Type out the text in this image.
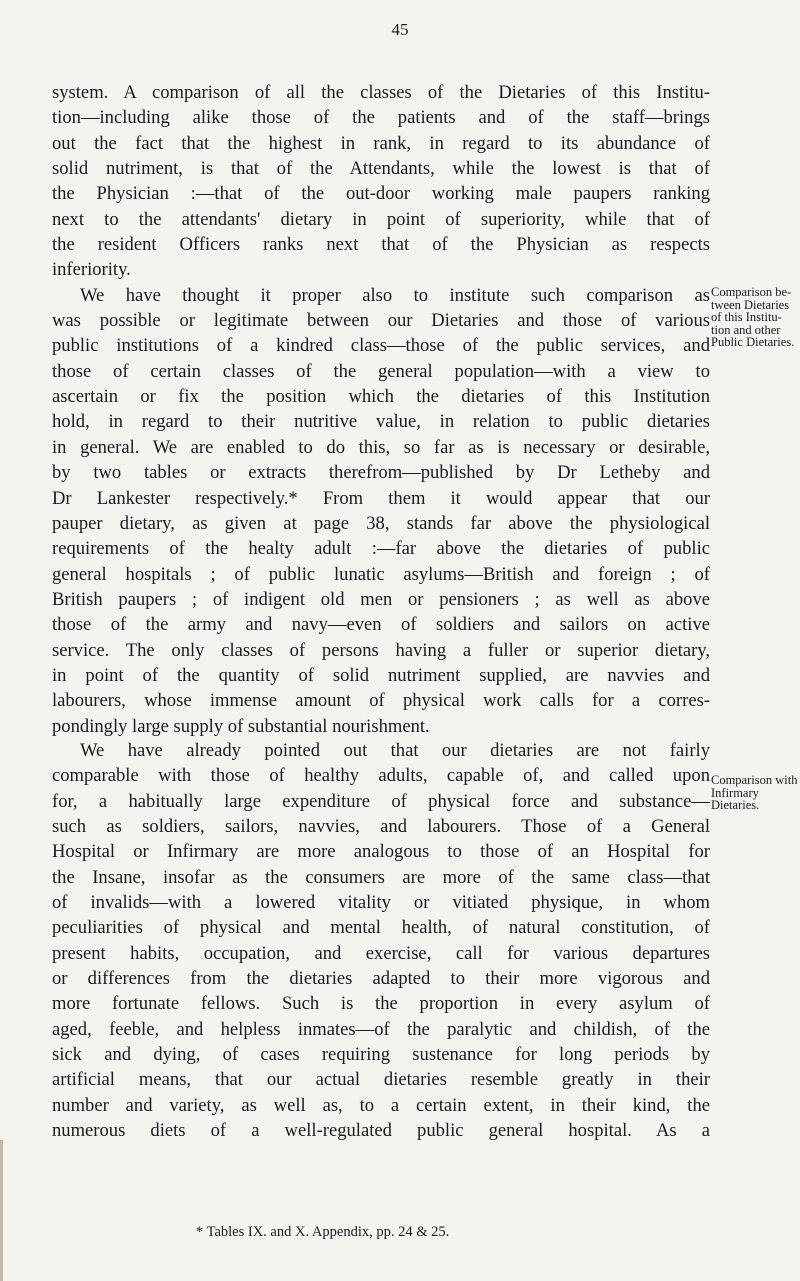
45

system. A comparison of all the classes of the Dietaries of this Institu-

tion—including alike those of the patients and of the staff—brings

out the fact that the highest in rank, in regard to its abundance of

solid nutriment, is that of the Attendants, while the lowest is that of

the Physician :—that of the out-door working male paupers ranking

next to the attendants' dietary in point of superiority, while that of

the resident Officers ranks next that of the Physician as respects

inferiority.

We have thought it proper also to institute such comparison as

was possible or legitimate between our Dietaries and those of various

public institutions of a kindred class—those of the public services, and

those of certain classes of the general population—with a view to

ascertain or fix the position which the dietaries of this Institution

hold, in regard to their nutritive value, in relation to public dietaries

in general. We are enabled to do this, so far as is necessary or desirable,

by two tables or extracts therefrom—published by Dr Letheby and

Dr Lankester respectively.* From them it would appear that our

pauper dietary, as given at page 38, stands far above the physiological

requirements of the healty adult :—far above the dietaries of public

general hospitals ; of public lunatic asylums—British and foreign ; of

British paupers ; of indigent old men or pensioners ; as well as above

those of the army and navy—even of soldiers and sailors on active

service. The only classes of persons having a fuller or superior dietary,

in point of the quantity of solid nutriment supplied, are navvies and

labourers, whose immense amount of physical work calls for a corres-

pondingly large supply of substantial nourishment.

We have already pointed out that our dietaries are not fairly

comparable with those of healthy adults, capable of, and called upon

for, a habitually large expenditure of physical force and substance—

such as soldiers, sailors, navvies, and labourers. Those of a General

Hospital or Infirmary are more analogous to those of an Hospital for

the Insane, insofar as the consumers are more of the same class—that

of invalids—with a lowered vitality or vitiated physique, in whom

peculiarities of physical and mental health, of natural constitution, of

present habits, occupation, and exercise, call for various departures

or differences from the dietaries adapted to their more vigorous and

more fortunate fellows. Such is the proportion in every asylum of

aged, feeble, and helpless inmates—of the paralytic and childish, of the

sick and dying, of cases requiring sustenance for long periods by

artificial means, that our actual dietaries resemble greatly in their

number and variety, as well as, to a certain extent, in their kind, the

numerous diets of a well-regulated public general hospital. As a

Comparison be-
tween Dietaries
of this Institu-
tion and other
Public Dietaries.
Comparison with
Infirmary
Dietaries.
* Tables IX. and X. Appendix, pp. 24 & 25.
